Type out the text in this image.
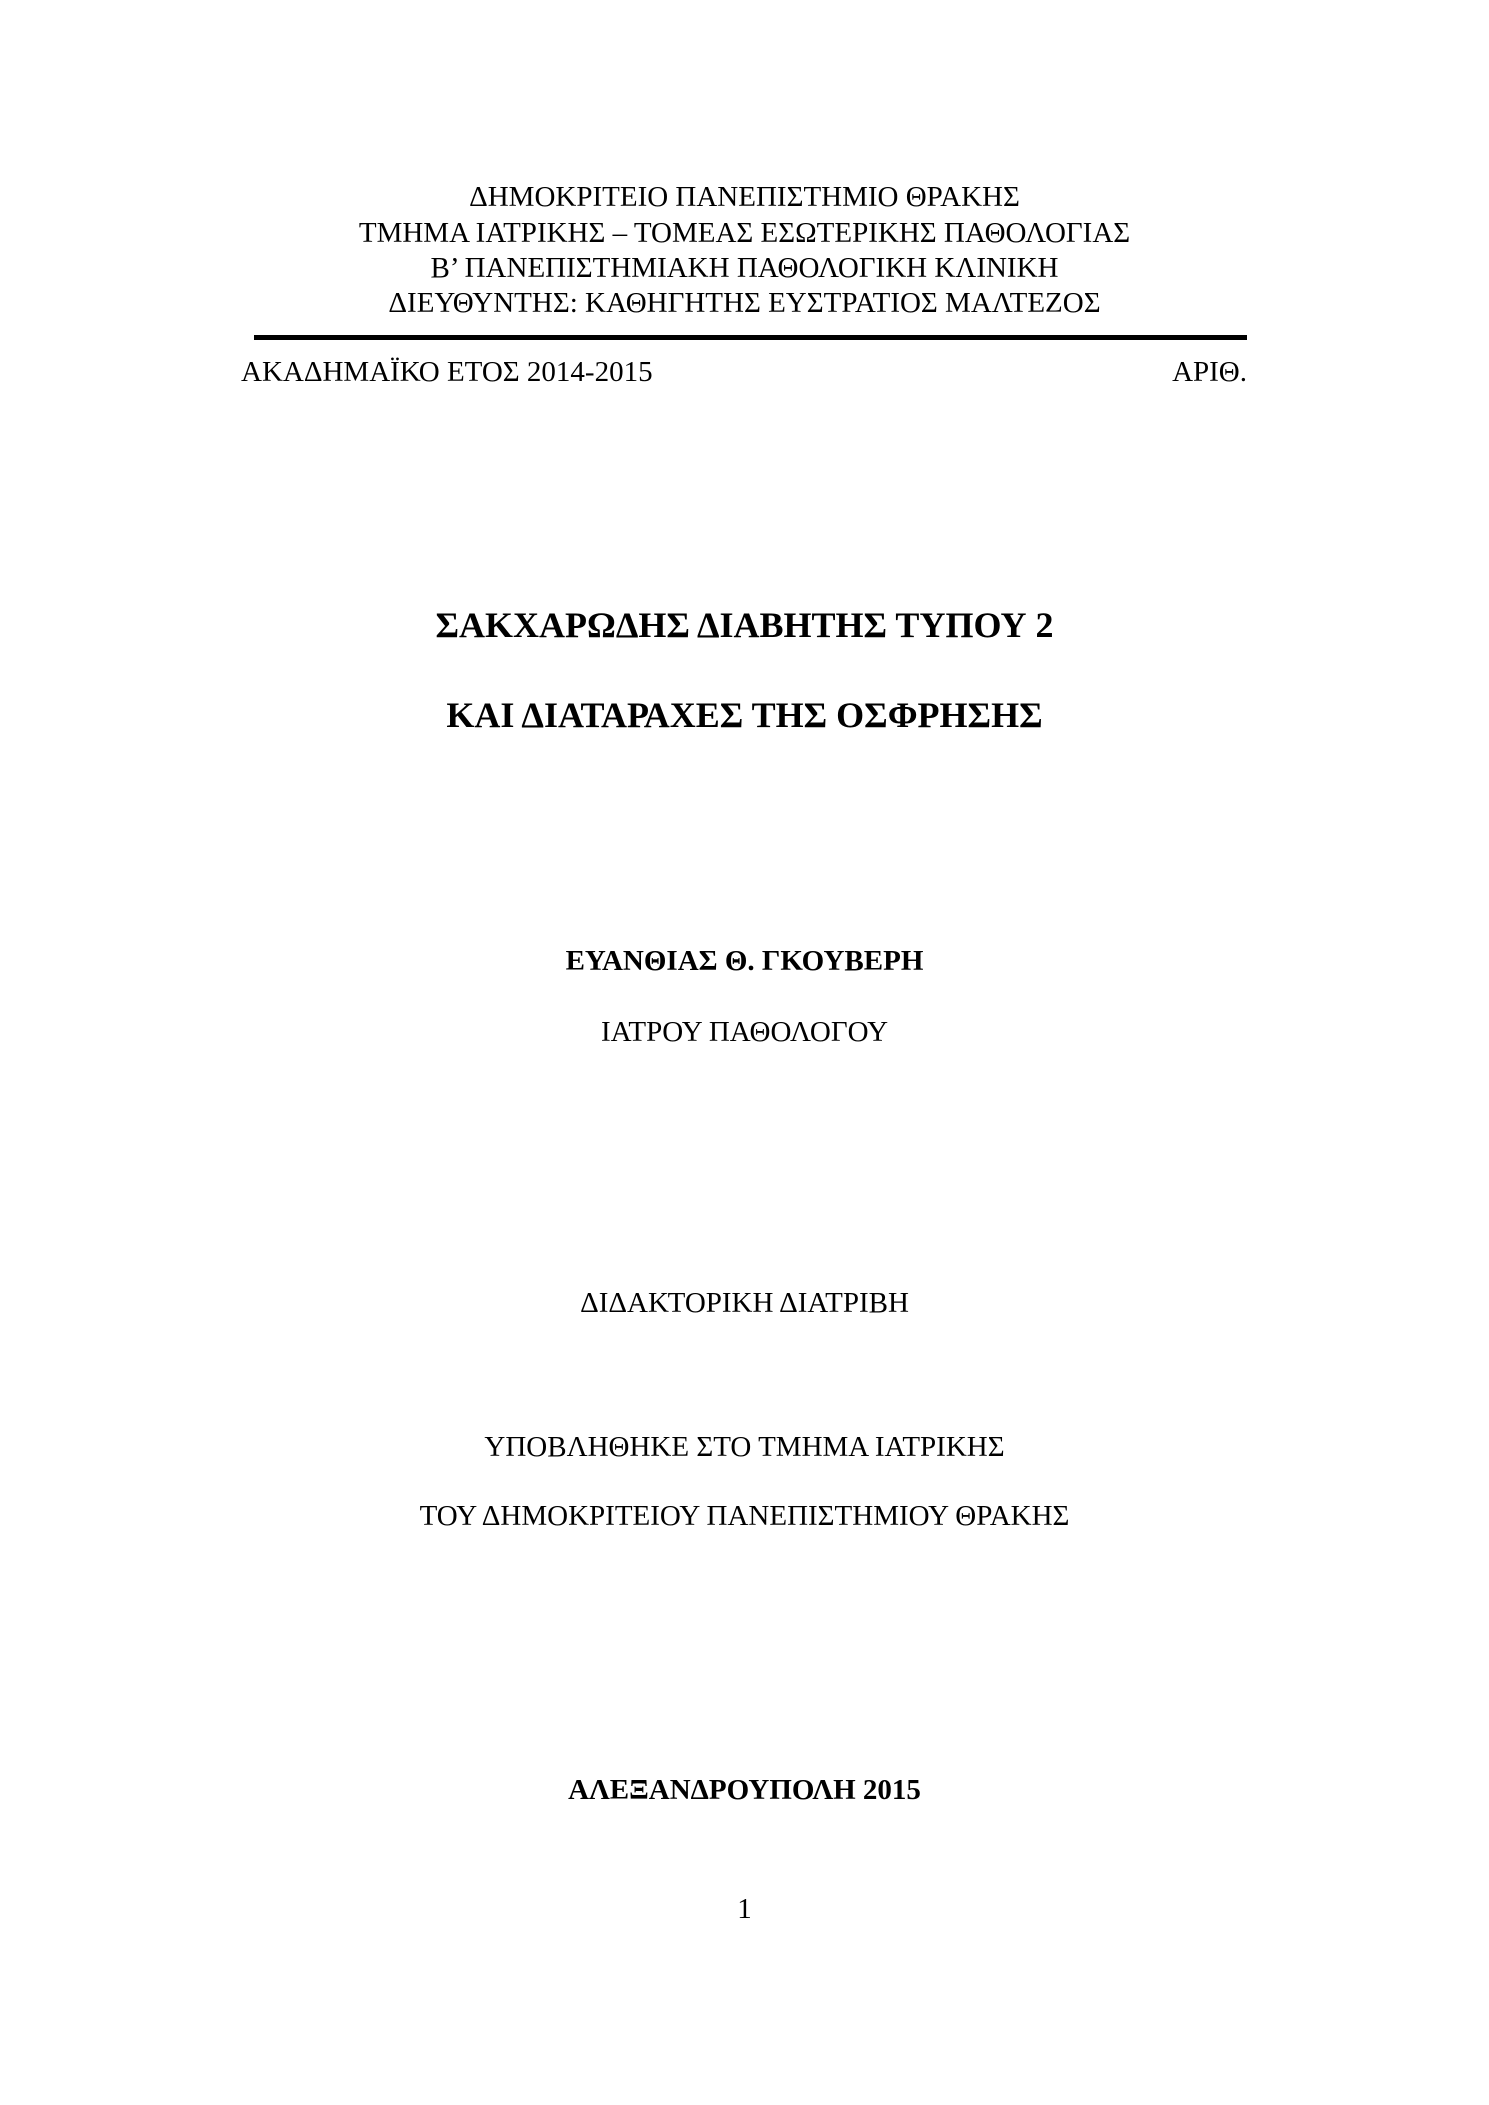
ΔΗΜΟΚΡΙΤΕΙΟ ΠΑΝΕΠΙΣΤΗΜΙΟ ΘΡΑΚΗΣ
ΤΜΗΜΑ ΙΑΤΡΙΚΗΣ – ΤΟΜΕΑΣ ΕΣΩΤΕΡΙΚΗΣ ΠΑΘΟΛΟΓΙΑΣ
Β’ ΠΑΝΕΠΙΣΤΗΜΙΑΚΗ ΠΑΘΟΛΟΓΙΚΗ ΚΛΙΝΙΚΗ
ΔΙΕΥΘΥΝΤΗΣ: ΚΑΘΗΓΗΤΗΣ ΕΥΣΤΡΑΤΙΟΣ ΜΑΛΤΕΖΟΣ
ΑΚΑΔΗΜΑΪΚΟ ΕΤΟΣ 2014-2015	ΑΡΙΘ.
ΣΑΚΧΑΡΩΔΗΣ ΔΙΑΒΗΤΗΣ ΤΥΠΟΥ 2
ΚΑΙ ΔΙΑΤΑΡΑΧΕΣ ΤΗΣ ΟΣΦΡΗΣΗΣ
ΕΥΑΝΘΙΑΣ Θ. ΓΚΟΥΒΕΡΗ
ΙΑΤΡΟΥ ΠΑΘΟΛΟΓΟΥ
ΔΙΔΑΚΤΟΡΙΚΗ ΔΙΑΤΡΙΒΗ
ΥΠΟΒΛΗΘΗΚΕ ΣΤΟ ΤΜΗΜΑ ΙΑΤΡΙΚΗΣ
ΤΟΥ ΔΗΜΟΚΡΙΤΕΙΟΥ ΠΑΝΕΠΙΣΤΗΜΙΟΥ ΘΡΑΚΗΣ
ΑΛΕΞΑΝΔΡΟΥΠΟΛΗ 2015
1
